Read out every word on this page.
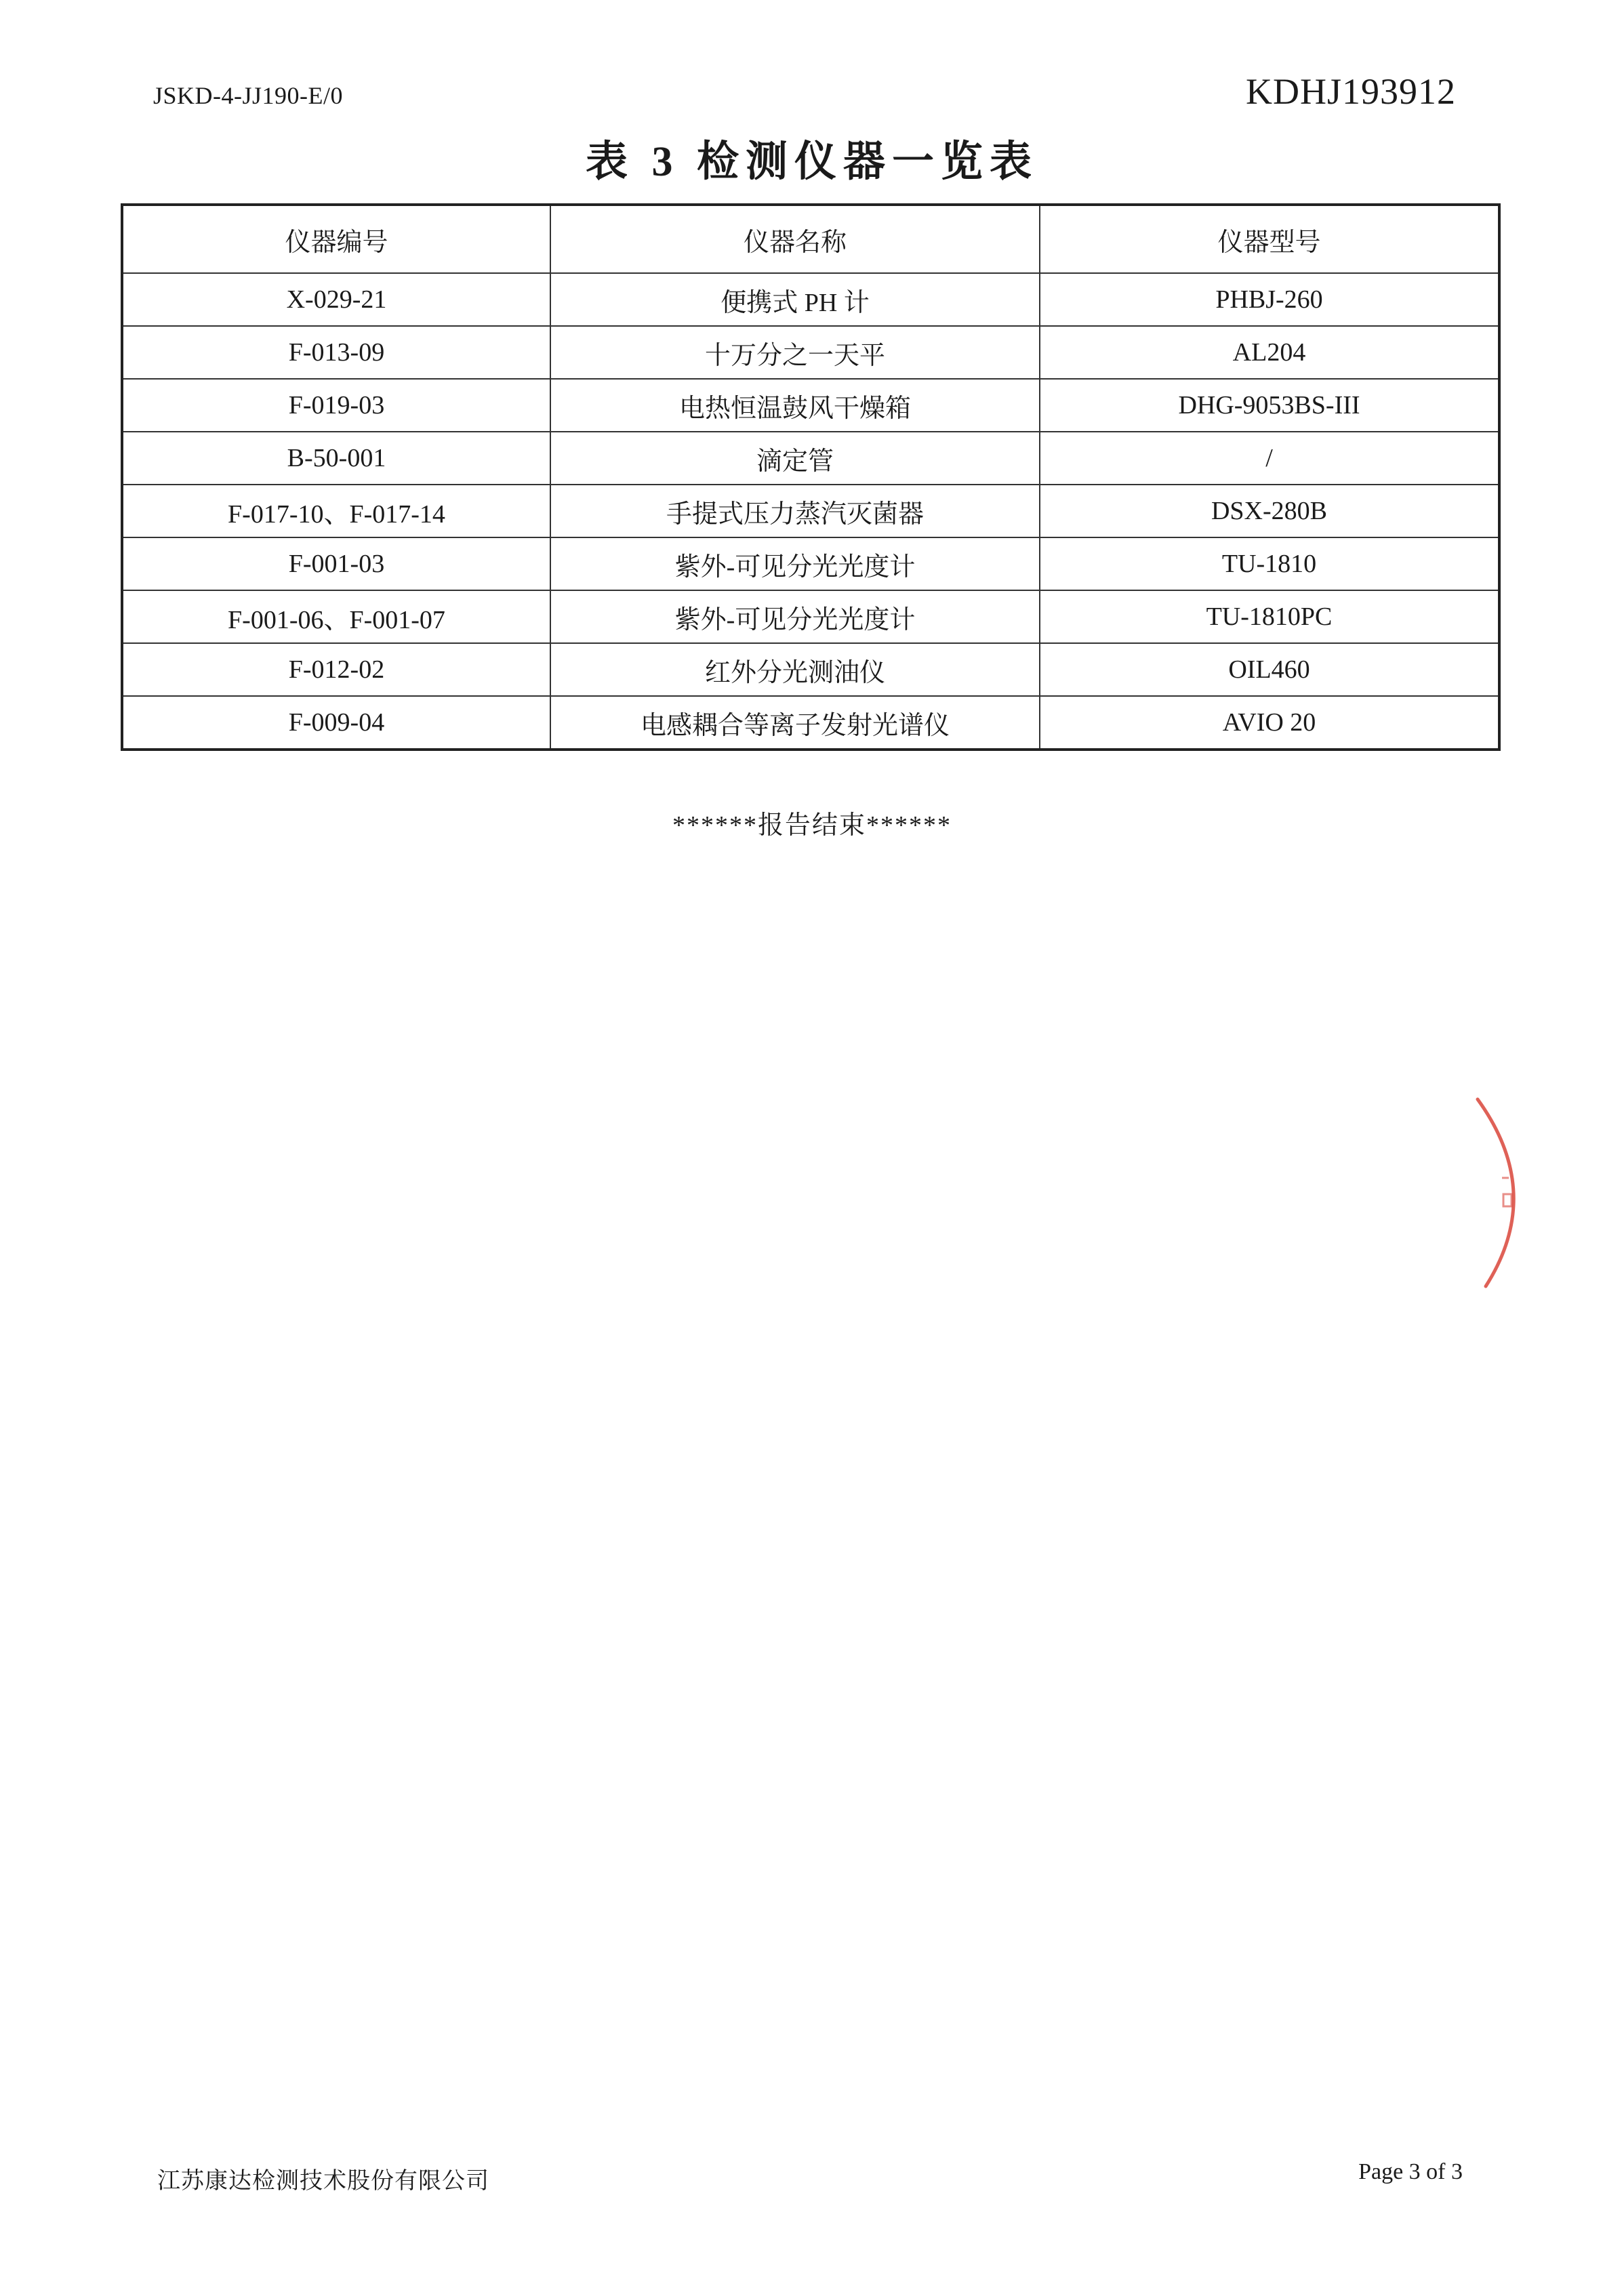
JSKD-4-JJ190-E/0	KDHJ193912
表 3 检测仪器一览表
仪器编号	仪器名称	仪器型号
X-029-21	便携式 PH 计	PHBJ-260
F-013-09	十万分之一天平	AL204
F-019-03	电热恒温鼓风干燥箱	DHG-9053BS-III
B-50-001	滴定管	/
F-017-10、F-017-14	手提式压力蒸汽灭菌器	DSX-280B
F-001-03	紫外-可见分光光度计	TU-1810
F-001-06、F-001-07	紫外-可见分光光度计	TU-1810PC
F-012-02	红外分光测油仪	OIL460
F-009-04	电感耦合等离子发射光谱仪	AVIO 20
******报告结束******
江苏康达检测技术股份有限公司	Page 3 of 3
